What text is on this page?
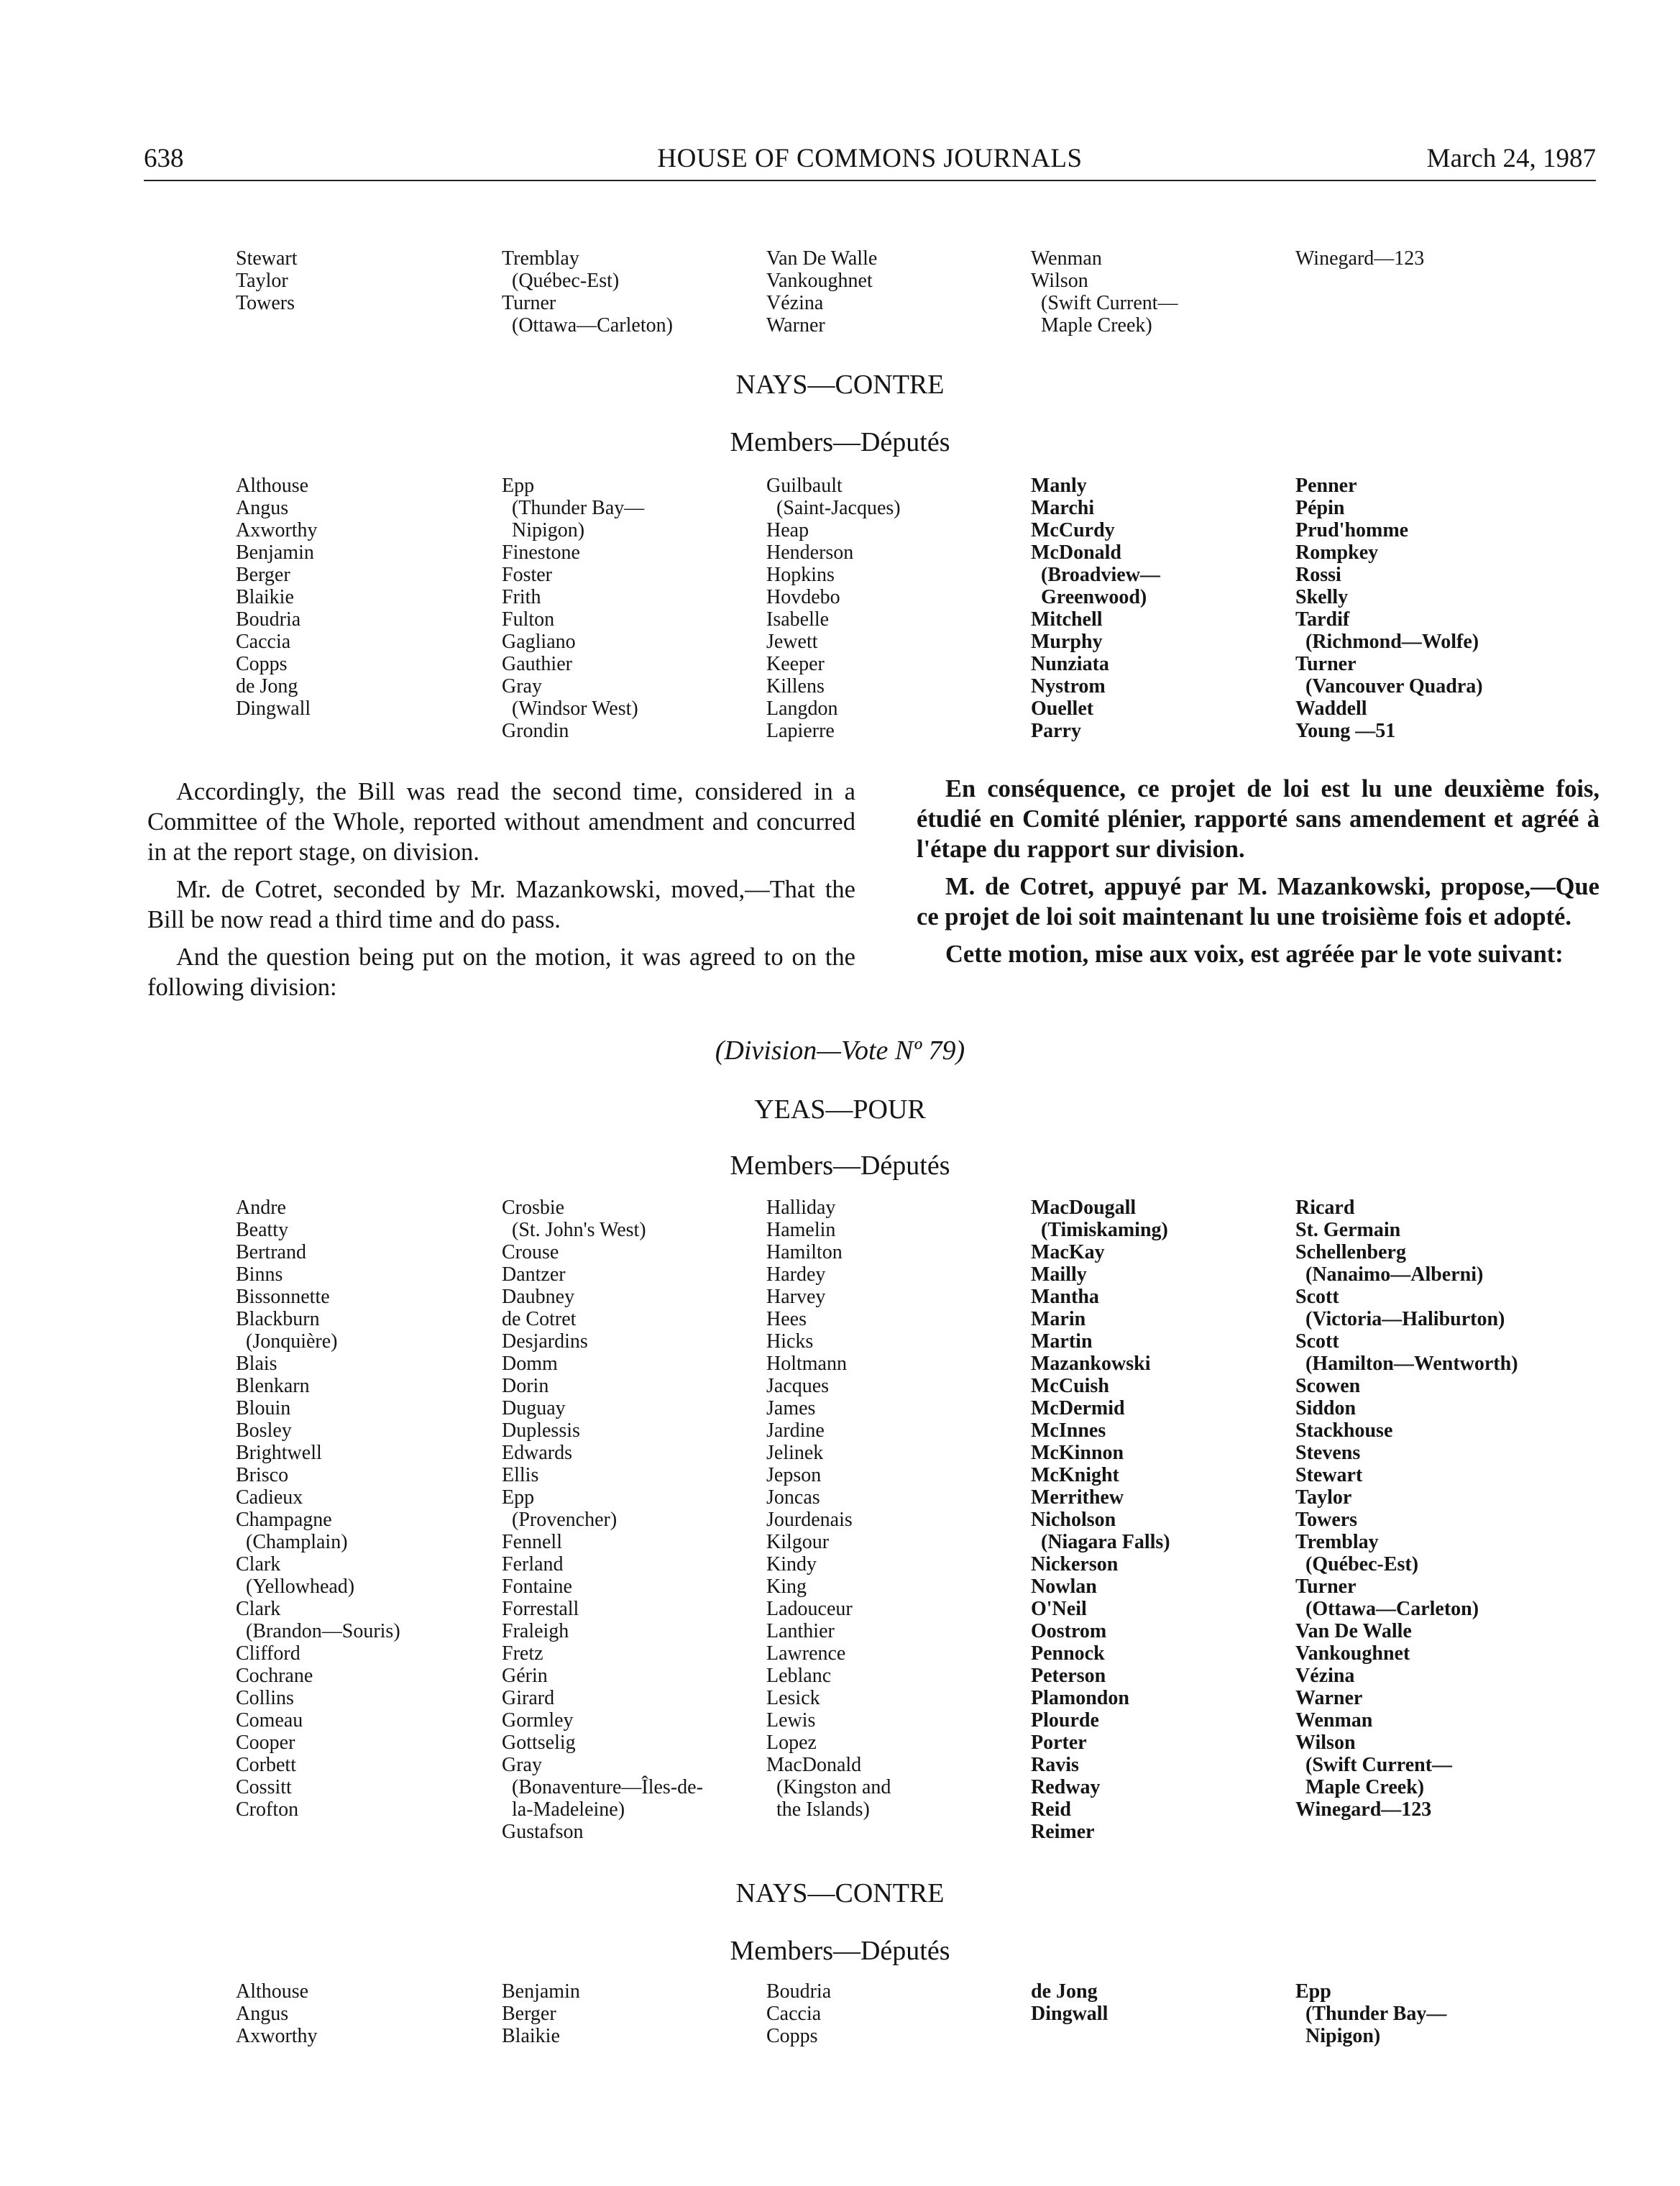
638	HOUSE OF COMMONS JOURNALS	March 24, 1987
Stewart
Taylor
Towers
Tremblay
(Québec-Est)
Turner
(Ottawa—Carleton)
Van De Walle
Vankoughnet
Vézina
Warner
Wenman
Wilson
(Swift Current—
Maple Creek)
Winegard—123
NAYS—CONTRE
Members—Députés
Althouse
Angus
Axworthy
Benjamin
Berger
Blaikie
Boudria
Caccia
Copps
de Jong
Dingwall
Epp
(Thunder Bay—
Nipigon)
Finestone
Foster
Frith
Fulton
Gagliano
Gauthier
Gray
(Windsor West)
Grondin
Guilbault
(Saint-Jacques)
Heap
Henderson
Hopkins
Hovdebo
Isabelle
Jewett
Keeper
Killens
Langdon
Lapierre
Manly
Marchi
McCurdy
McDonald
(Broadview—
Greenwood)
Mitchell
Murphy
Nunziata
Nystrom
Ouellet
Parry
Penner
Pépin
Prud'homme
Rompkey
Rossi
Skelly
Tardif
(Richmond—Wolfe)
Turner
(Vancouver Quadra)
Waddell
Young —51

Accordingly, the Bill was read the second time, considered in a Committee of the Whole, reported without amendment and concurred in at the report stage, on division.

Mr. de Cotret, seconded by Mr. Mazankowski, moved,—That the Bill be now read a third time and do pass.

And the question being put on the motion, it was agreed to on the following division:

En conséquence, ce projet de loi est lu une deuxième fois, étudié en Comité plénier, rapporté sans amendement et agréé à l'étape du rapport sur division.

M. de Cotret, appuyé par M. Mazankowski, propose,—Que ce projet de loi soit maintenant lu une troisième fois et adopté.

Cette motion, mise aux voix, est agréée par le vote suivant:

(Division—Vote Nº 79)
YEAS—POUR
Members—Députés
Andre
Beatty
Bertrand
Binns
Bissonnette
Blackburn
(Jonquière)
Blais
Blenkarn
Blouin
Bosley
Brightwell
Brisco
Cadieux
Champagne
(Champlain)
Clark
(Yellowhead)
Clark
(Brandon—Souris)
Clifford
Cochrane
Collins
Comeau
Cooper
Corbett
Cossitt
Crofton
Crosbie
(St. John's West)
Crouse
Dantzer
Daubney
de Cotret
Desjardins
Domm
Dorin
Duguay
Duplessis
Edwards
Ellis
Epp
(Provencher)
Fennell
Ferland
Fontaine
Forrestall
Fraleigh
Fretz
Gérin
Girard
Gormley
Gottselig
Gray
(Bonaventure—Îles-de-
la-Madeleine)
Gustafson
Halliday
Hamelin
Hamilton
Hardey
Harvey
Hees
Hicks
Holtmann
Jacques
James
Jardine
Jelinek
Jepson
Joncas
Jourdenais
Kilgour
Kindy
King
Ladouceur
Lanthier
Lawrence
Leblanc
Lesick
Lewis
Lopez
MacDonald
(Kingston and
the Islands)
MacDougall
(Timiskaming)
MacKay
Mailly
Mantha
Marin
Martin
Mazankowski
McCuish
McDermid
McInnes
McKinnon
McKnight
Merrithew
Nicholson
(Niagara Falls)
Nickerson
Nowlan
O'Neil
Oostrom
Pennock
Peterson
Plamondon
Plourde
Porter
Ravis
Redway
Reid
Reimer
Ricard
St. Germain
Schellenberg
(Nanaimo—Alberni)
Scott
(Victoria—Haliburton)
Scott
(Hamilton—Wentworth)
Scowen
Siddon
Stackhouse
Stevens
Stewart
Taylor
Towers
Tremblay
(Québec-Est)
Turner
(Ottawa—Carleton)
Van De Walle
Vankoughnet
Vézina
Warner
Wenman
Wilson
(Swift Current—
Maple Creek)
Winegard—123
NAYS—CONTRE
Members—Députés
Althouse
Angus
Axworthy
Benjamin
Berger
Blaikie
Boudria
Caccia
Copps
de Jong
Dingwall
Epp
(Thunder Bay—
Nipigon)
